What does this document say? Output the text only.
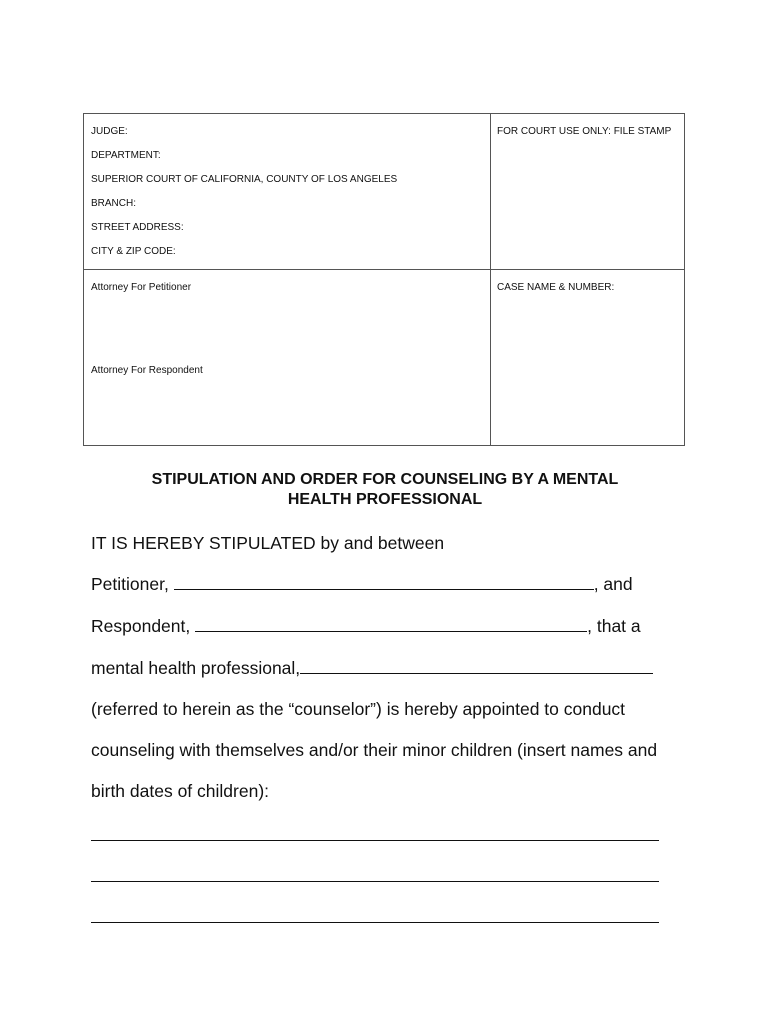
JUDGE:
DEPARTMENT:
SUPERIOR COURT OF CALIFORNIA, COUNTY OF LOS ANGELES
BRANCH:
STREET ADDRESS:
CITY & ZIP CODE:
FOR COURT USE ONLY: FILE STAMP
Attorney For Petitioner
Attorney For Respondent
CASE NAME & NUMBER:
STIPULATION AND ORDER FOR COUNSELING BY A MENTAL
HEALTH PROFESSIONAL
IT IS HEREBY STIPULATED by and between
Petitioner,	, and
Respondent,	, that a
mental health professional,
(referred to herein as the “counselor”) is hereby appointed to conduct
counseling with themselves and/or their minor children (insert names and
birth dates of children):
